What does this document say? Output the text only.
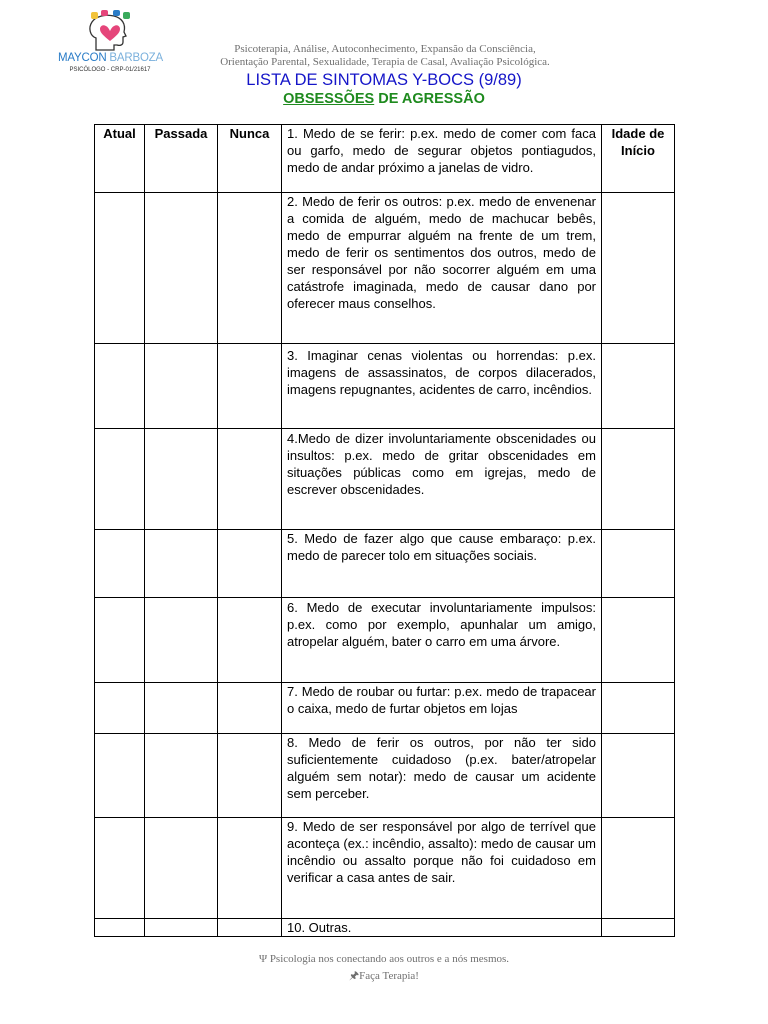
MAYCON BARBOZA
PSICÓLOGO - CRP-01/21617
Psicoterapia, Análise, Autoconhecimento, Expansão da Consciência,
Orientação Parental, Sexualidade, Terapia de Casal, Avaliação Psicológica.
LISTA DE SINTOMAS Y-BOCS (9/89)
OBSESSÕES DE AGRESSÃO
Atual	Passada	Nunca	1. Medo de se ferir: p.ex. medo de comer com faca ou garfo, medo de segurar objetos pontiagudos, medo de andar próximo a janelas de vidro.	Idade de Início
			2. Medo de ferir os outros: p.ex. medo de envenenar a comida de alguém, medo de machucar bebês, medo de empurrar alguém na frente de um trem, medo de ferir os sentimentos dos outros, medo de ser responsável por não socorrer alguém em uma catástrofe imaginada, medo de causar dano por oferecer maus conselhos.	
			3. Imaginar cenas violentas ou horrendas: p.ex. imagens de assassinatos, de corpos dilacerados, imagens repugnantes, acidentes de carro, incêndios.	
			4.Medo de dizer involuntariamente obscenidades ou insultos: p.ex. medo de gritar obscenidades em situações públicas como em igrejas, medo de escrever obscenidades.	
			5. Medo de fazer algo que cause embaraço: p.ex. medo de parecer tolo em situações sociais.	
			6. Medo de executar involuntariamente impulsos: p.ex. como por exemplo, apunhalar um amigo, atropelar alguém, bater o carro em uma árvore.	
			7. Medo de roubar ou furtar: p.ex. medo de trapacear o caixa, medo de furtar objetos em lojas	
			8. Medo de ferir os outros, por não ter sido suficientemente cuidadoso (p.ex. bater/atropelar alguém sem notar): medo de causar um acidente sem perceber.	
			9. Medo de ser responsável por algo de terrível que aconteça (ex.: incêndio, assalto): medo de causar um incêndio ou assalto porque não foi cuidadoso em verificar a casa antes de sair.	
			10. Outras.	
Ψ Psicologia nos conectando aos outros e a nós mesmos.
🖈Faça Terapia!
